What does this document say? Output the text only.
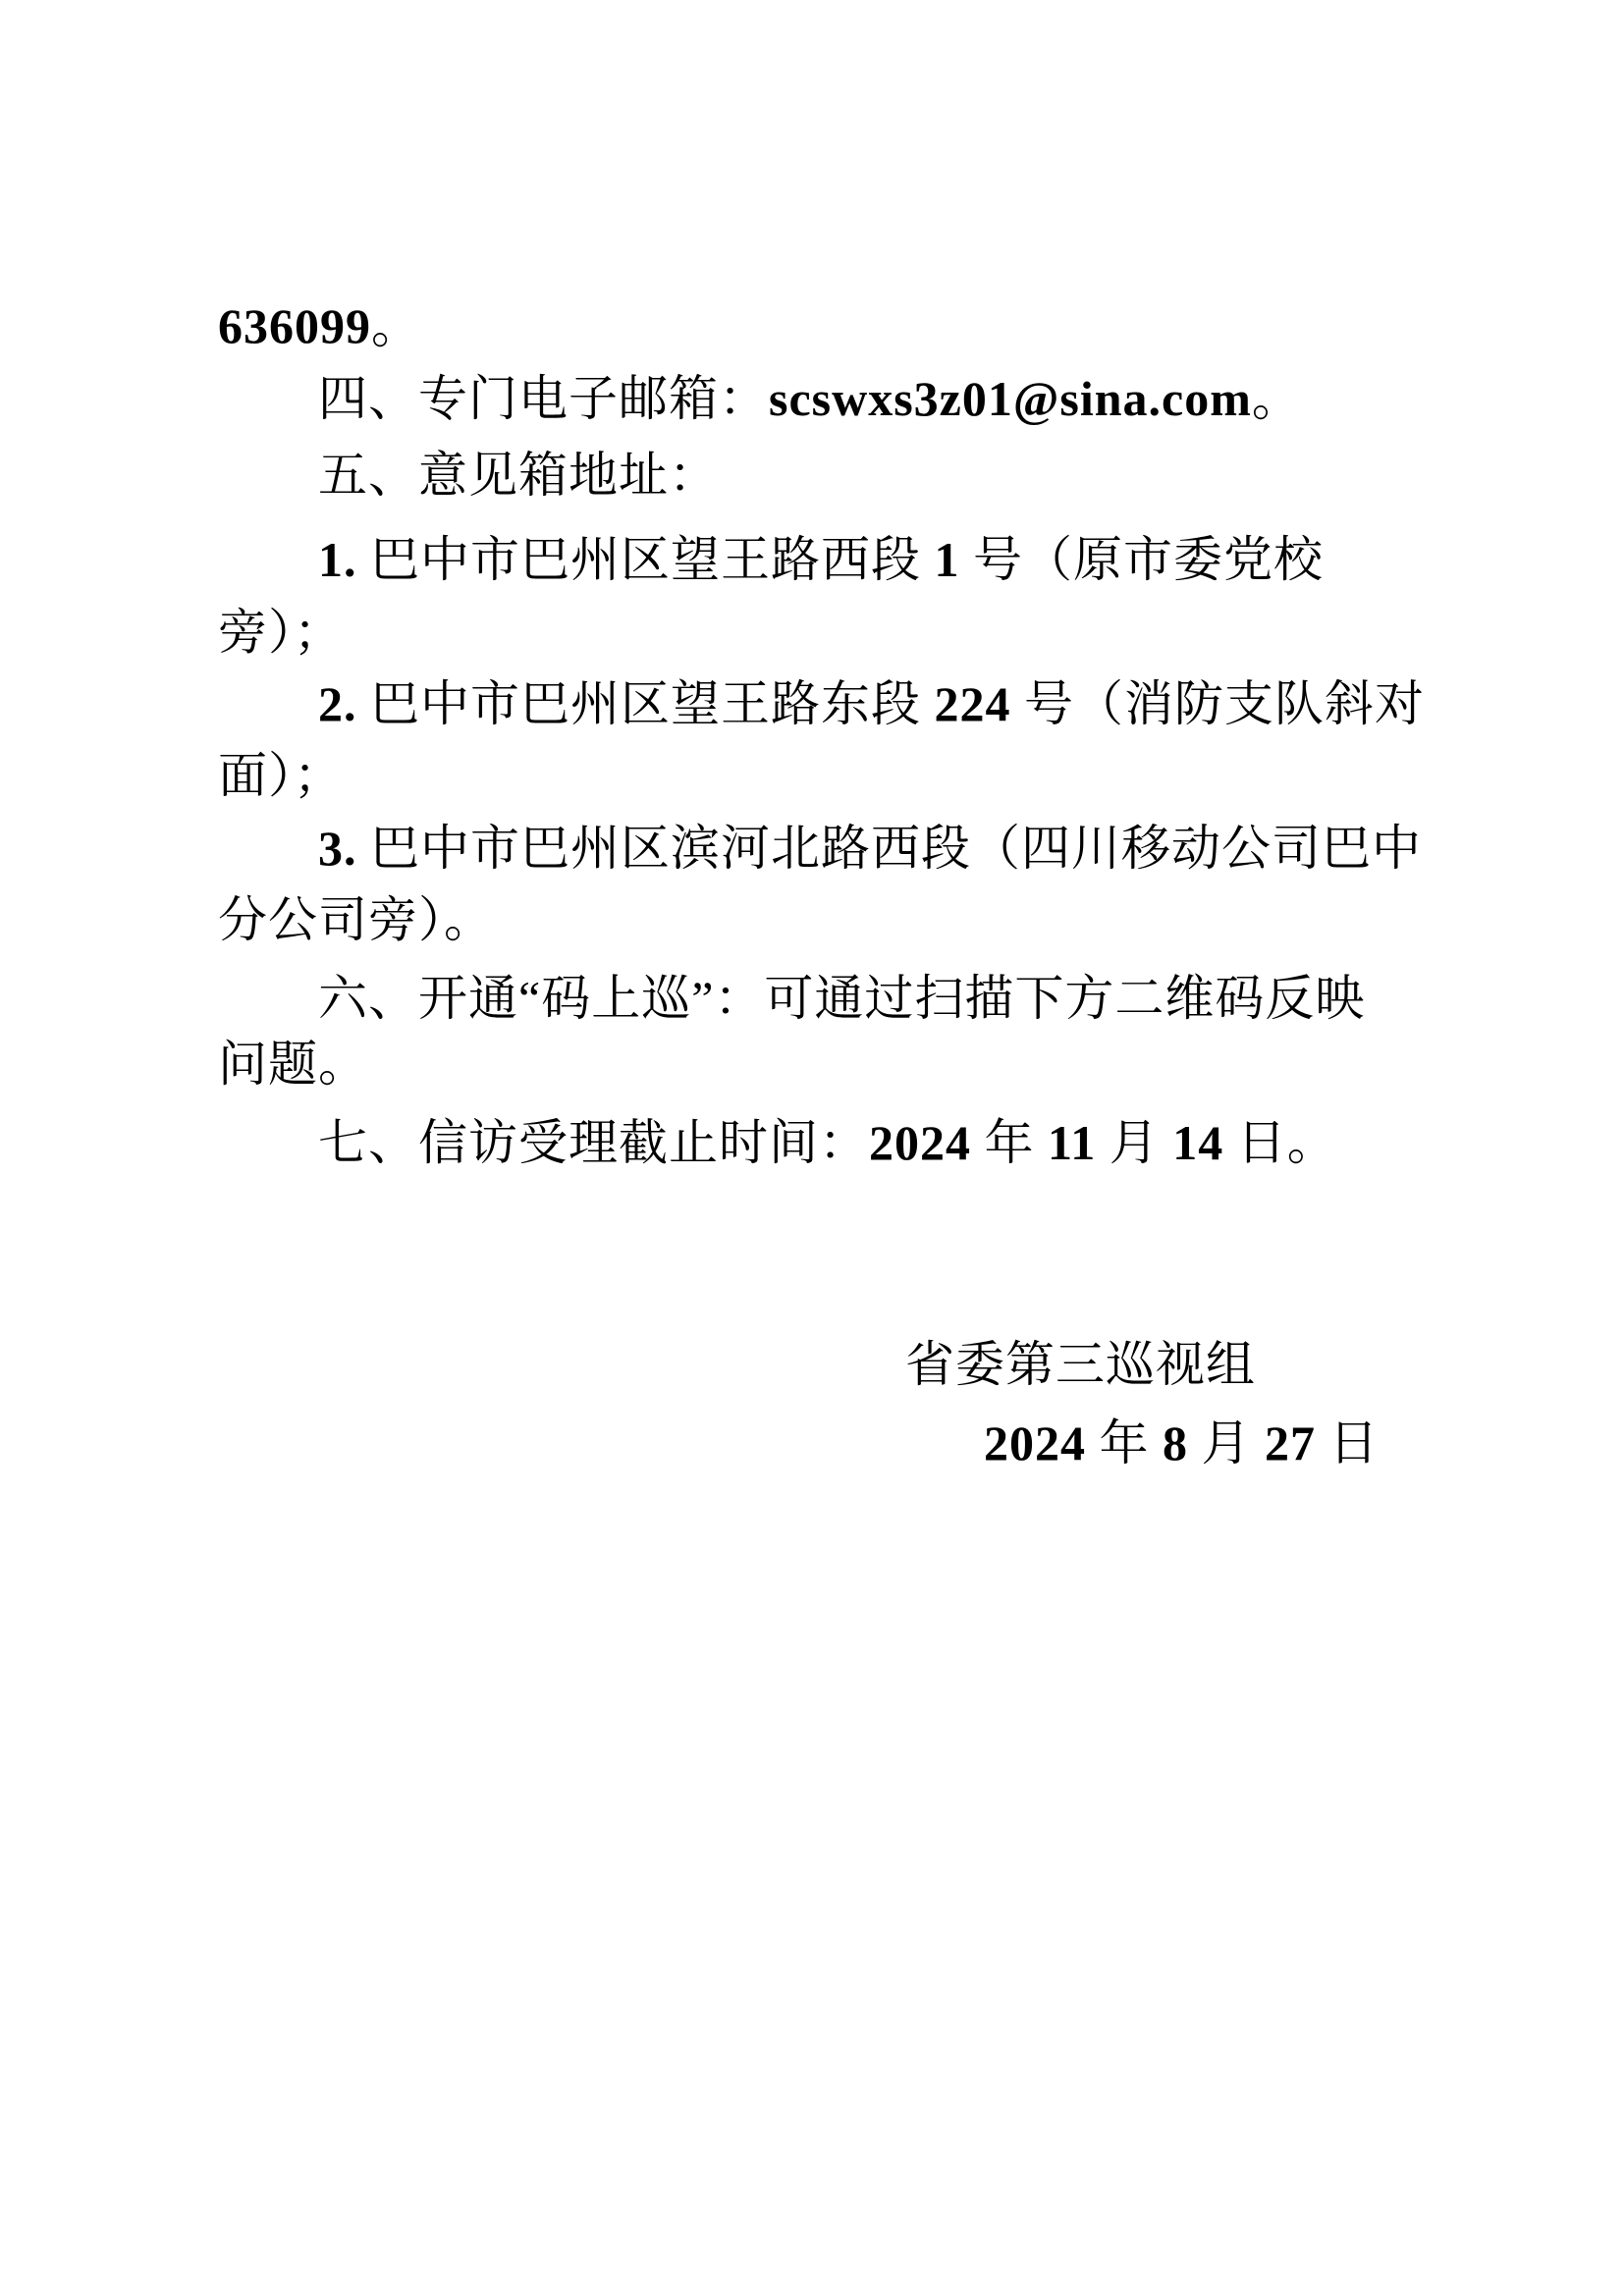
636099。
四、专门电子邮箱：scswxs3z01@sina.com。
五、意见箱地址：
1. 巴中市巴州区望王路西段 1 号（原市委党校
旁）；
2. 巴中市巴州区望王路东段 224 号（消防支队斜对
面）；
3. 巴中市巴州区滨河北路西段（四川移动公司巴中
分公司旁）。
六、开通“码上巡”：可通过扫描下方二维码反映
问题。
七、信访受理截止时间：2024 年 11 月 14 日。
省委第三巡视组
2024 年 8 月 27 日
